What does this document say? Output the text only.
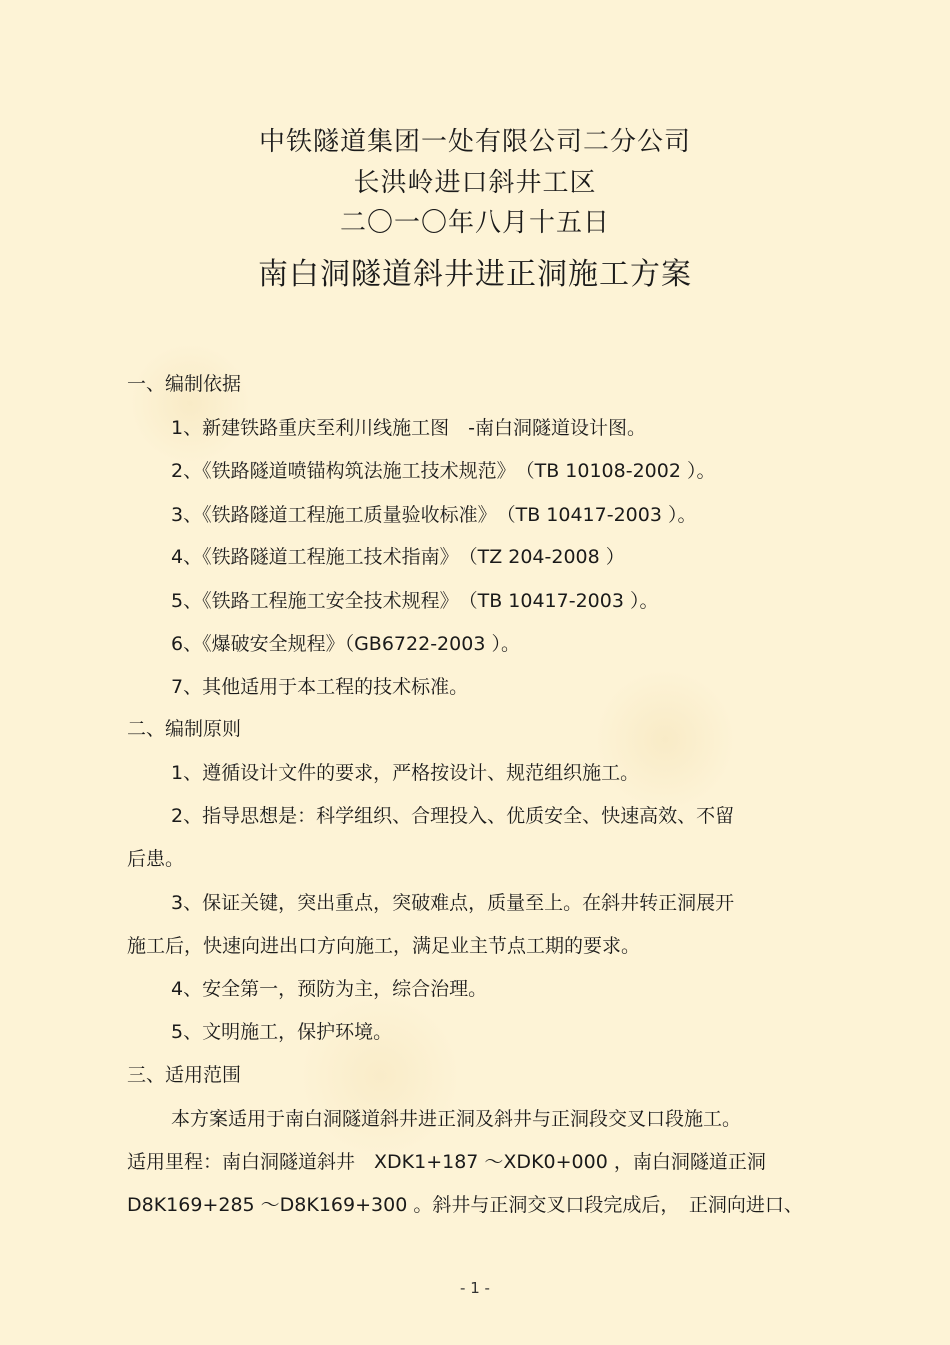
中铁隧道集团一处有限公司二分公司
长洪岭进口斜井工区
二〇一〇年八月十五日
南白洞隧道斜井进正洞施工方案
一、编制依据
1、新建铁路重庆至利川线施工图　-南白洞隧道设计图。
2、《铁路隧道喷锚构筑法施工技术规范》　（TB 10108-2002 ）。
3、《铁路隧道工程施工质量验收标准》　（TB 10417-2003 ）。
4、《铁路隧道工程施工技术指南》　（TZ 204-2008 ）
5、《铁路工程施工安全技术规程》　（TB 10417-2003 ）。
6、《爆破安全规程》（GB6722-2003 ）。
7、其他适用于本工程的技术标准。
二、编制原则
1、遵循设计文件的要求，严格按设计、规范组织施工。
2、指导思想是：科学组织、合理投入、优质安全、快速高效、不留
后患。
3、保证关键，突出重点，突破难点，质量至上。在斜井转正洞展开
施工后，快速向进出口方向施工，满足业主节点工期的要求。
4、安全第一，预防为主，综合治理。
5、文明施工，保护环境。
三、适用范围
本方案适用于南白洞隧道斜井进正洞及斜井与正洞段交叉口段施工。
适用里程：南白洞隧道斜井　XDK1+187 ～XDK0+000 ，南白洞隧道正洞
D8K169+285 ～D8K169+300 。斜井与正洞交叉口段完成后，　正洞向进口、
- 1 -
